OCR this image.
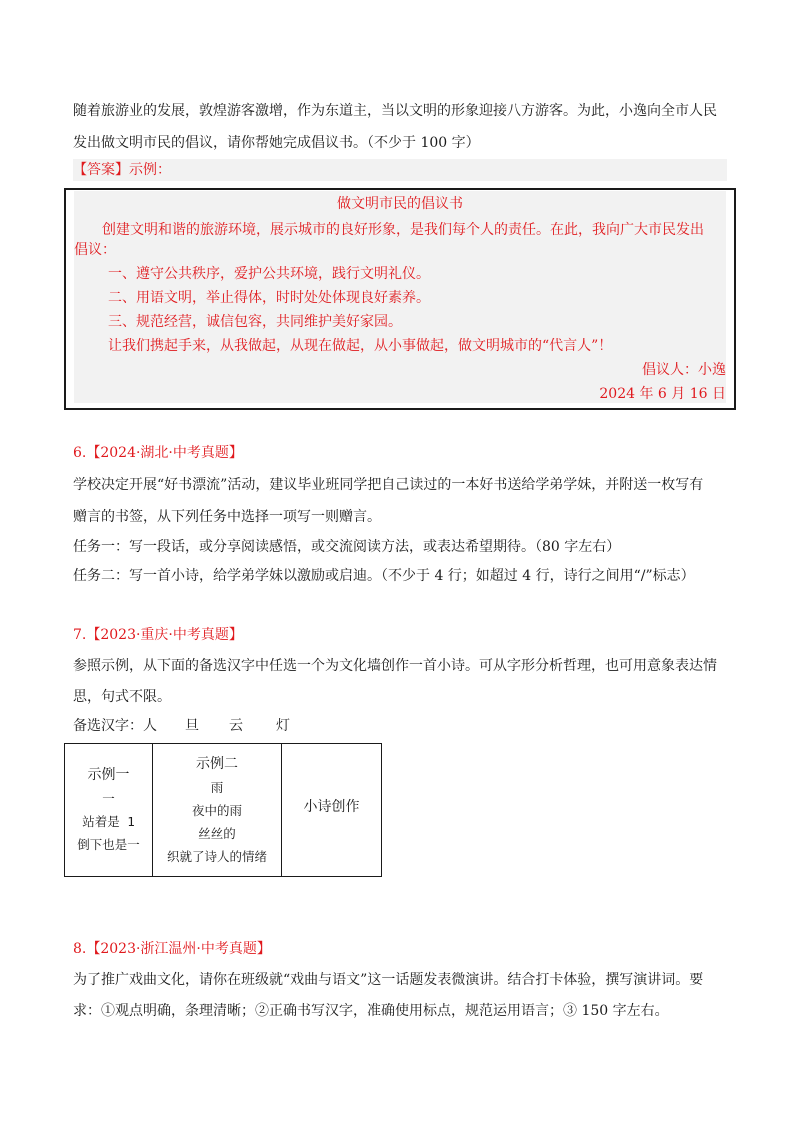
随着旅游业的发展，敦煌游客激增，作为东道主，当以文明的形象迎接八方游客。为此，小逸向全市人民
发出做文明市民的倡议，请你帮她完成倡议书。（不少于 100 字）
【答案】示例：
做文明市民的倡议书
创建文明和谐的旅游环境，展示城市的良好形象，是我们每个人的责任。在此，我向广大市民发出
倡议：
一、遵守公共秩序，爱护公共环境，践行文明礼仪。
二、用语文明，举止得体，时时处处体现良好素养。
三、规范经营，诚信包容，共同维护美好家园。
让我们携起手来，从我做起，从现在做起，从小事做起，做文明城市的“代言人”！
倡议人：小逸
2024 年 6 月 16 日
6.【2024·湖北·中考真题】
学校决定开展“好书漂流”活动，建议毕业班同学把自己读过的一本好书送给学弟学妹，并附送一枚写有
赠言的书签，从下列任务中选择一项写一则赠言。
任务一：写一段话，或分享阅读感悟，或交流阅读方法，或表达希望期待。（80 字左右）
任务二：写一首小诗，给学弟学妹以激励或启迪。（不少于 4 行；如超过 4 行，诗行之间用“/”标志）
7.【2023·重庆·中考真题】
参照示例，从下面的备选汉字中任选一个为文化墙创作一首小诗。可从字形分析哲理，也可用意象表达情
思，句式不限。
备选汉字： 人 旦 云 灯
示例一
一
站着是 1
倒下也是一

示例二
雨
夜中的雨
丝丝的
织就了诗人的情绪

小诗创作
8.【2023·浙江温州·中考真题】
为了推广戏曲文化，请你在班级就“戏曲与语文”这一话题发表微演讲。结合打卡体验，撰写演讲词。要
求：①观点明确，条理清晰；②正确书写汉字，准确使用标点，规范运用语言；③ 150 字左右。
